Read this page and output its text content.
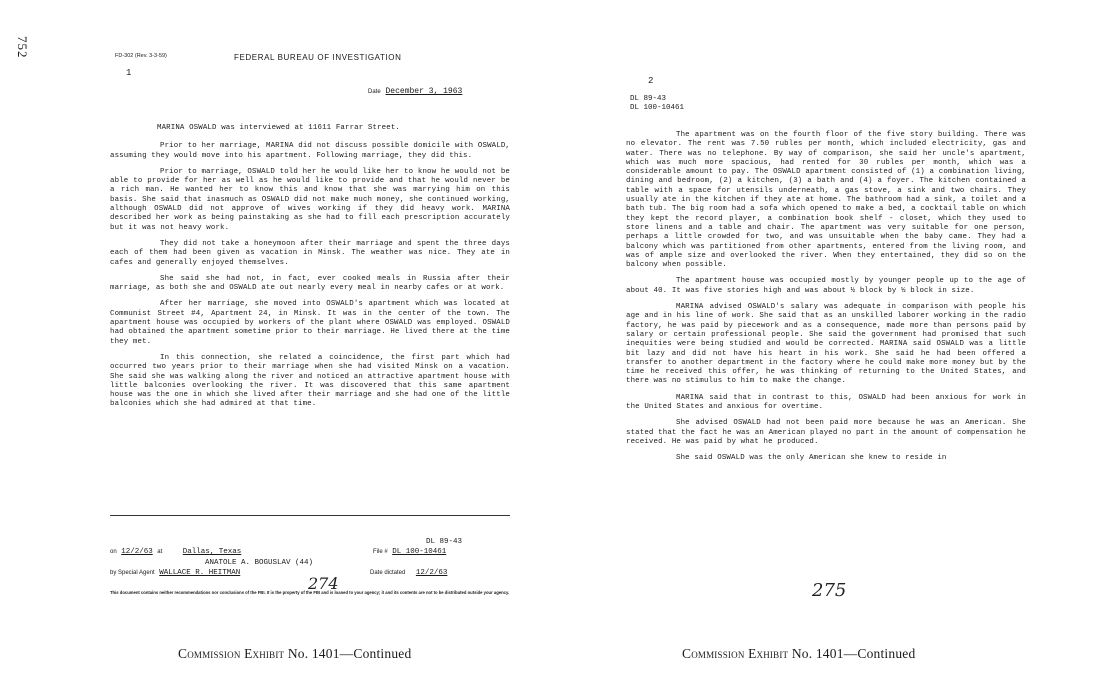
752	FD-302 (Rev. 3-3-59)	FEDERAL BUREAU OF INVESTIGATION
1
Date December 3, 1963

MARINA OSWALD was interviewed at 11611 Farrar Street.

Prior to her marriage, MARINA did not discuss possible domicile with OSWALD, assuming they would move into his apartment. Following marriage, they did this.

Prior to marriage, OSWALD told her he would like her to know he would not be able to provide for her as well as he would like to provide and that he would never be a rich man. He wanted her to know this and know that she was marrying him on this basis. She said that inasmuch as OSWALD did not make much money, she continued working, although OSWALD did not approve of wives working if they did heavy work. MARINA described her work as being painstaking as she had to fill each prescription accurately but it was not heavy work.

They did not take a honeymoon after their marriage and spent the three days each of them had been given as vacation in Minsk. The weather was nice. They ate in cafes and generally enjoyed themselves.

She said she had not, in fact, ever cooked meals in Russia after their marriage, as both she and OSWALD ate out nearly every meal in nearby cafes or at work.

After her marriage, she moved into OSWALD's apartment which was located at Communist Street #4, Apartment 24, in Minsk. It was in the center of the town. The apartment house was occupied by workers of the plant where OSWALD was employed. OSWALD had obtained the apartment sometime prior to their marriage. He lived there at the time they met.

In this connection, she related a coincidence, the first part which had occurred two years prior to their marriage when she had visited Minsk on a vacation. She said she was walking along the river and noticed an attractive apartment house with little balconies overlooking the river. It was discovered that this same apartment house was the one in which she lived after their marriage and she had one of the little balconies which she had admired at that time.

DL 89-43
on 12/2/63 at	Dallas, Texas	File # DL 100-10461
ANATOLE A. BOGUSLAV (44)
by Special Agent WALLACE R. HEITMAN	Date dictated 12/2/63
274
This document contains neither recommendations nor conclusions of the FBI. It is the property of the FBI and is loaned to your agency; it and its contents are not to be distributed outside your agency.
Commission Exhibit No. 1401—Continued
2
DL 89-43
DL 100-10461

The apartment was on the fourth floor of the five story building. There was no elevator. The rent was 7.50 rubles per month, which included electricity, gas and water. There was no telephone. By way of comparison, she said her uncle's apartment, which was much more spacious, had rented for 30 rubles per month, which was a considerable amount to pay. The OSWALD apartment consisted of (1) a combination living, dining and bedroom, (2) a kitchen, (3) a bath and (4) a foyer. The kitchen contained a table with a space for utensils underneath, a gas stove, a sink and two chairs. They usually ate in the kitchen if they ate at home. The bathroom had a sink, a toilet and a bath tub. The big room had a sofa which opened to make a bed, a cocktail table on which they kept the record player, a combination book shelf - closet, which they used to store linens and a table and chair. The apartment was very suitable for one person, perhaps a little crowded for two, and was unsuitable when the baby came. They had a balcony which was partitioned from other apartments, entered from the living room, and was of ample size and overlooked the river. When they entertained, they did so on the balcony when possible.

The apartment house was occupied mostly by younger people up to the age of about 40. It was five stories high and was about ½ block by ½ block in size.

MARINA advised OSWALD's salary was adequate in comparison with people his age and in his line of work. She said that as an unskilled laborer working in the radio factory, he was paid by piecework and as a consequence, made more than persons paid by salary or certain professional people. She said the government had promised that such inequities were being studied and would be corrected. MARINA said OSWALD was a little bit lazy and did not have his heart in his work. She said he had been offered a transfer to another department in the factory where he could make more money but by the time he received this offer, he was thinking of returning to the United States, and there was no stimulus to him to make the change.

MARINA said that in contrast to this, OSWALD had been anxious for work in the United States and anxious for overtime.

She advised OSWALD had not been paid more because he was an American. She stated that the fact he was an American played no part in the amount of compensation he received. He was paid by what he produced.

She said OSWALD was the only American she knew to reside in

275
Commission Exhibit No. 1401—Continued
